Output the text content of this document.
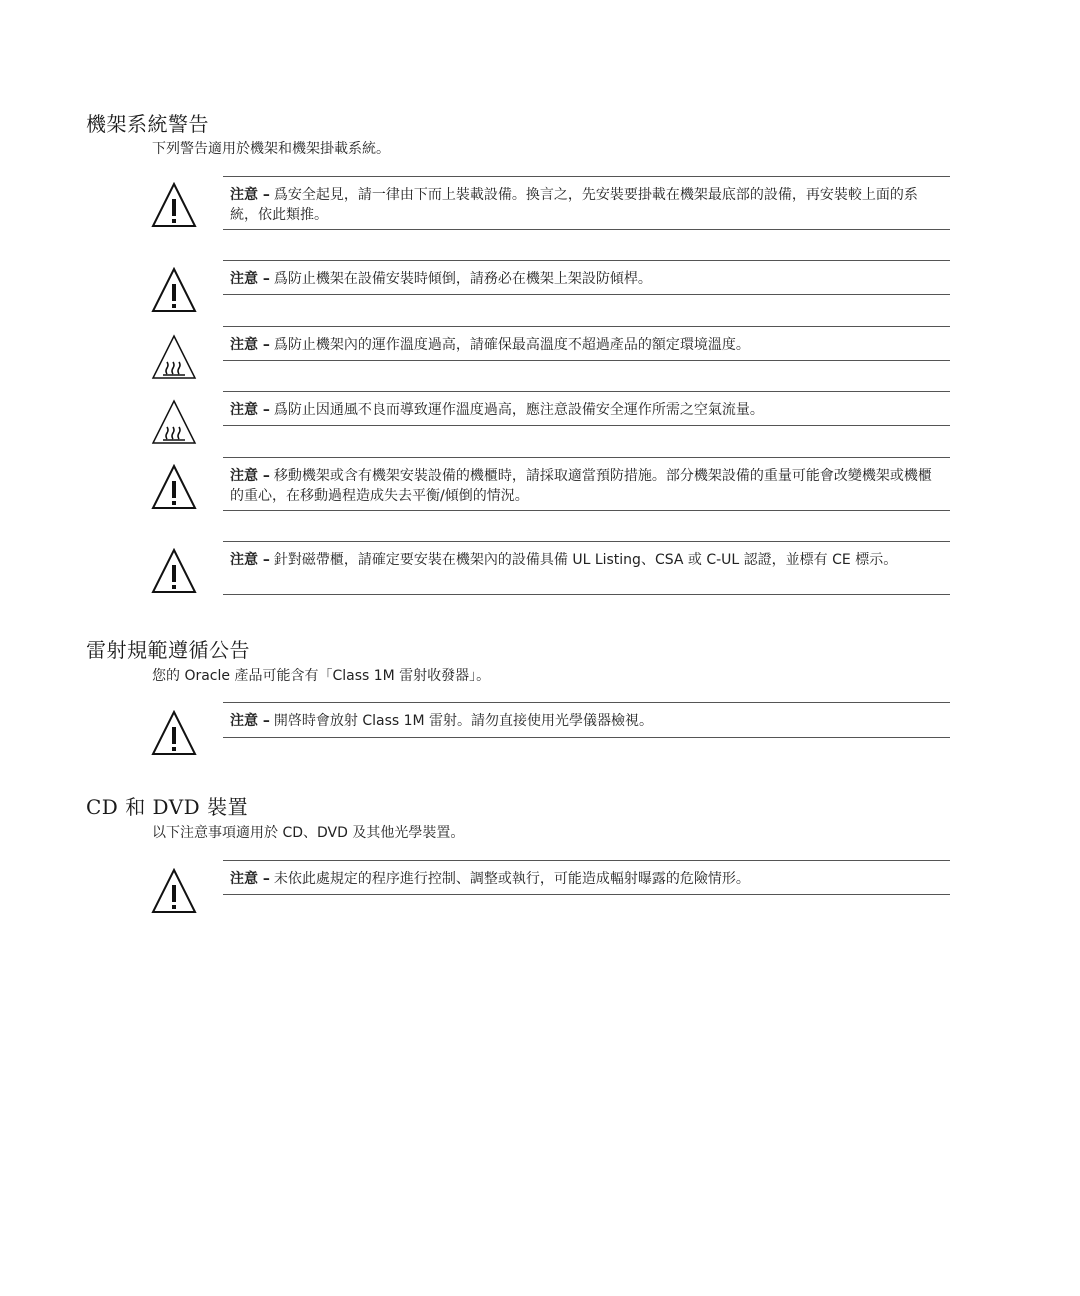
機架系統警告

下列警告適用於機架和機架掛載系統。

注意 – 爲安全起見，請一律由下而上裝載設備。換言之，先安裝要掛載在機架最底部的設備，再安裝較上面的系統，依此類推。

注意 – 爲防止機架在設備安裝時傾倒，請務必在機架上架設防傾桿。

注意 – 爲防止機架內的運作溫度過高，請確保最高溫度不超過產品的額定環境溫度。

注意 – 爲防止因通風不良而導致運作溫度過高，應注意設備安全運作所需之空氣流量。

注意 – 移動機架或含有機架安裝設備的機櫃時，請採取適當預防措施。部分機架設備的重量可能會改變機架或機櫃的重心，在移動過程造成失去平衡/傾倒的情況。

注意 – 針對磁帶櫃，請確定要安裝在機架內的設備具備 UL Listing、CSA 或 C-UL 認證，並標有 CE 標示。

雷射規範遵循公告

您的 Oracle 產品可能含有「Class 1M 雷射收發器」。

注意 – 開啓時會放射 Class 1M 雷射。請勿直接使用光學儀器檢視。

CD 和 DVD 裝置

以下注意事項適用於 CD、DVD 及其他光學裝置。

注意 – 未依此處規定的程序進行控制、調整或執行，可能造成輻射曝露的危險情形。
